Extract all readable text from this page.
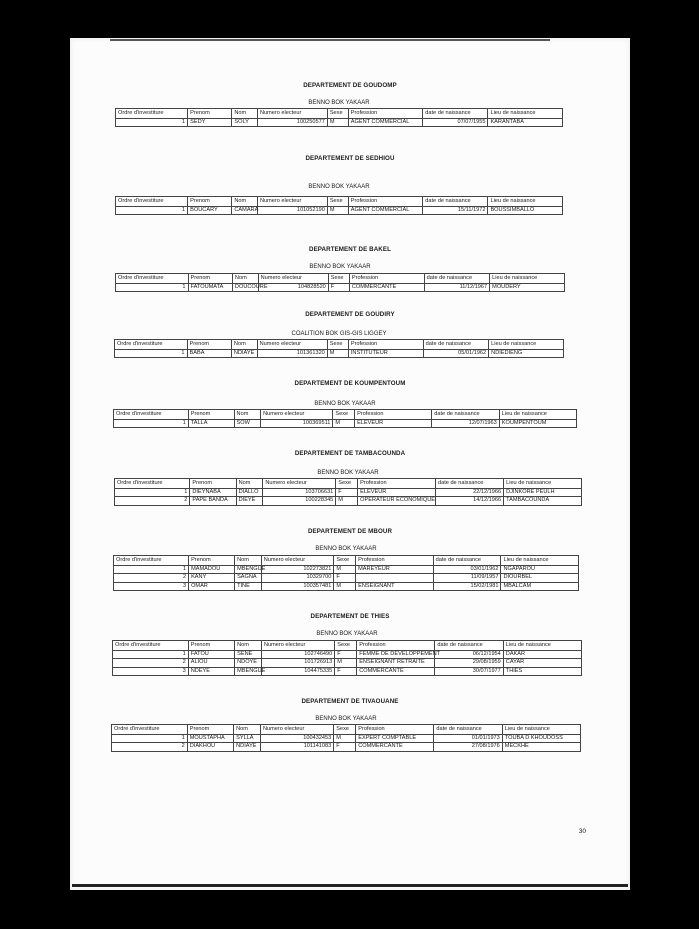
DEPARTEMENT DE GOUDOMP
BENNO BOK YAKAAR
Ordre d'investiture	Prenom	Nom	Numero electeur	Sexe	Profession	date de naissance	Lieu de naissance
1	SEDY	SOLY	100250577	M	AGENT COMMERCIAL	07/07/1955	KARANTABA
DEPARTEMENT DE SEDHIOU
BENNO BOK YAKAAR
Ordre d'investiture	Prenom	Nom	Numero electeur	Sexe	Profession	date de naissance	Lieu de naissance
1	BOUCARY	CAMARA	101052190	M	AGENT COMMERCIAL	15/11/1972	BOUSSIMBALLO
DEPARTEMENT DE BAKEL
BENNO BOK YAKAAR
Ordre d'investiture	Prenom	Nom	Numero electeur	Sexe	Profession	date de naissance	Lieu de naissance
1	FATOUMATA	DOUCOURE	104828520	F	COMMERCANTE	11/12/1967	MOUDERY
DEPARTEMENT DE GOUDIRY
COALITION BOK GIS-GIS LIGGEY
Ordre d'investiture	Prenom	Nom	Numero electeur	Sexe	Profession	date de naissance	Lieu de naissance
1	BABA	NDIAYE	101361320	M	INSTITUTEUR	05/01/1962	NDIEDIENG
DEPARTEMENT DE KOUMPENTOUM
BENNO BOK YAKAAR
Ordre d'investiture	Prenom	Nom	Numero electeur	Sexe	Profession	date de naissance	Lieu de naissance
1	TALLA	SOW	100369511	M	ELEVEUR	12/07/1963	KOUMPENTOUM
DEPARTEMENT DE TAMBACOUNDA
BENNO BOK YAKAAR
Ordre d'investiture	Prenom	Nom	Numero electeur	Sexe	Profession	date de naissance	Lieu de naissance
1	DIEYNABA	DIALLO	103706631	F	ELEVEUR	22/12/1966	DJINKORE PEULH
2	PAPE BANDA	DIEYE	100228345	M	OPERATEUR ECONOMIQUE	14/12/1966	TAMBACOUNDA
DEPARTEMENT DE MBOUR
BENNO BOK YAKAAR
Ordre d'investiture	Prenom	Nom	Numero electeur	Sexe	Profession	date de naissance	Lieu de naissance
1	MAMADOU	MBENGUE	102273821	M	MAREYEUR	03/01/1962	NGAPAROU
2	KANY	SAGNA	10329700	F		11/09/1957	DIOURBEL
3	OMAR	TINE	100357481	M	ENSEIGNANT	15/02/1981	MBALCAM
DEPARTEMENT DE THIES
BENNO BOK YAKAAR
Ordre d'investiture	Prenom	Nom	Numero electeur	Sexe	Profession	date de naissance	Lieu de naissance
1	FATOU	SENE	102746490	F	FEMME DE DEVELOPPEMENT	06/12/1954	DAKAR
2	ALIOU	NDOYE	101726913	M	ENSEIGNANT RETRAITE	29/08/1959	CAYAR
3	NDEYE	MBENGUE	104475335	F	COMMERCANTE	30/07/1977	THIES
DEPARTEMENT DE TIVAOUANE
BENNO BOK YAKAAR
Ordre d'investiture	Prenom	Nom	Numero electeur	Sexe	Profession	date de naissance	Lieu de naissance
1	MOUSTAPHA	SYLLA	100432453	M	EXPERT COMPTABLE	01/01/1973	TOUBA D KHOUDOSS
2	DIAKHOU	NDIAYE	101141083	F	COMMERCANTE	27/08/1976	MECKHE
30
